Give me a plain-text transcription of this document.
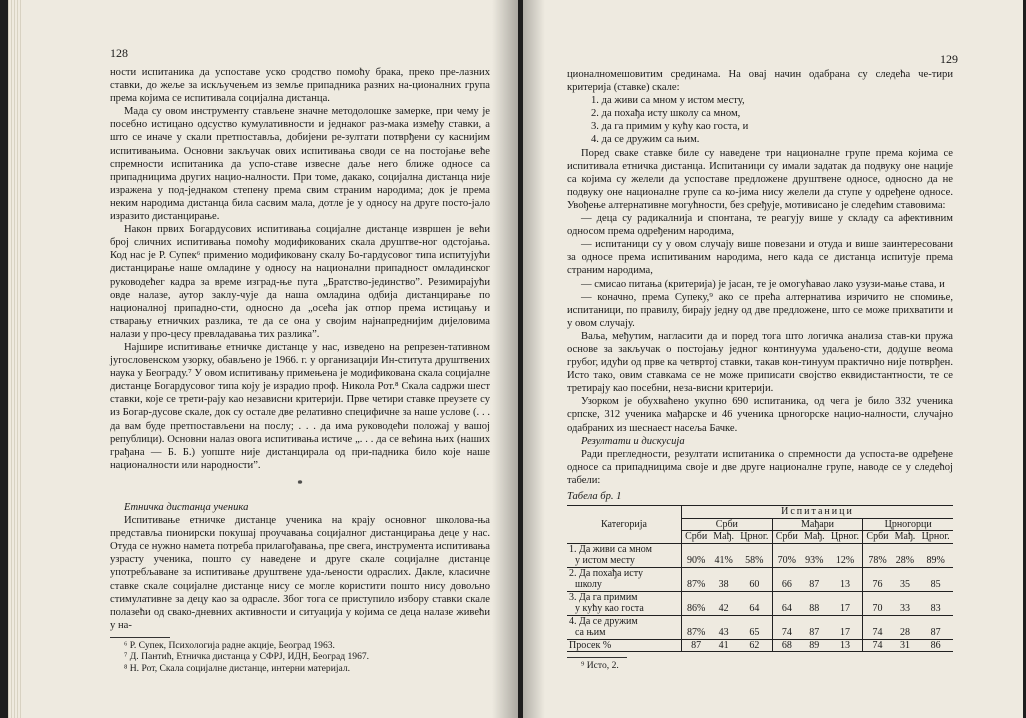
128

ности испитаника да успоставе уско сродство помоћу брака, преко пре-лазних ставки, до жеље за искључењем из земље припадника разних на-ционалних група према којима се испитивала социјална дистанца.

Мада су овом инструменту стављене значне методолошке замерке, при чему је посебно истицано одсуство кумулативности и једнаког раз-мака између ставки, а што се иначе у скали претпоставља, добијени ре-зултати потврђени су каснијим испитивањима. Основни закључак ових испитивања своди се на постојање веће спремности испитаника да успо-ставе извесне даље него ближе односе са припадницима других нацио-налности. При томе, дакако, социјална дистанца није изражена у под-једнаком степену према свим страним народима; док је према неким народима дистанца била сасвим мала, дотле је у односу на друге посто-јало изразито дистанцирање.

Након првих Богардусових испитивања социјалне дистанце извршен је већи број сличних испитивања помоћу модификованих скала друштве-ног одстојања. Код нас је Р. Супек⁶ применио модификовану скалу Бо-гардусовог типа испитујући дистанцирање наше омладине у односу на национални припадност омладинског руководећег кадра за време изград-ње пута „Братство-јединство”. Резимирајући овде налазе, аутор заклу-чује да наша омладина одбија дистанцирање по националној припадно-сти, односно да „осећа јак отпор према истицању и стварању етничких разлика, те да се она у својим најнапреднијим дијеловима налази у про-цесу превладавања тих разлика”.

Најшире испитивање етничке дистанце у нас, изведено на репрезен-тативном југословенском узорку, обављено је 1966. г. у организацији Ин-ститута друштвених наука у Београду.⁷ У овом испитивању примењена је модификована скала социјалне дистанце Богардусовог типа коју је израдио проф. Никола Рот.⁸ Скала садржи шест ставки, које се трети-рају као независни критерији. Прве четири ставке преузете су из Богар-дусове скале, док су остале две релативно специфичне за наше услове (. . . да вам буде претпостављени на послу; . . . да има руководећи положај у вашој републици). Основни налаз овога испитивања истиче „. . . да се већина њих (наших грађана — Б. Б.) уопште није дистанцирала од при-падника било које наше националности или народности”.

*

Етничка дистанца ученика

Испитивање етничке дистанце ученика на крају основног школова-ња представља пионирски покушај проучавања социјалног дистанцирања деце у нас. Отуда се нужно намета потреба прилагођавања, пре свега, инструмента испитивања узрасту ученика, пошто су наведене и друге скале социјалне дистанце употребљаване за испитивање друштвене уда-љености одраслих. Дакле, класичне ставке скале социјалне дистанце нису се могле користити пошто нису довољно стимулативне за децу као за одрасле. Због тога се приступило избору ставки скале полазећи од свако-дневних активности и ситуација у којима се деца налазе живећи у на-

⁶ Р. Супек, Психологија радне акције, Београд 1963.

⁷ Д. Пантић, Етничка дистанца у СФРЈ, ИДН, Београд 1967.

⁸ Н. Рот, Скала социјалне дистанце, интерни материјал.

129

ционалномешовитим срединама. На овај начин одабрана су следећа че-тири критерија (ставке) скале:

1. да живи са мном у истом месту,
2. да похађа исту школу са мном,
3. да га примим у кућу као госта, и
4. да се дружим са њим.

Поред сваке ставке биле су наведене три националне групе према којима се испитивала етничка дистанца. Испитаници су имали задатак да подвуку оне нације са којима су желели да успоставе предложене друштвене односе, односно да не подвуку оне националне групе са ко-јима нису желели да ступе у одређене односе. Увођење алтернативне могућности, без сређује, мотивисано је следећим ставовима:

— деца су радикалнија и спонтана, те реагују више у складу са афективним односом према одређеним народима,

— испитаници су у овом случају више повезани и отуда и више заинтересовани за односе према испитиваним народима, него када се дистанца испитује према страним народима,

— смисао питања (критерија) је јасан, те је омогућавао лако узузи-мање става, и

— коначно, према Супеку,⁹ ако се прећа алтернатива изричито не спомиње, испитаници, по правилу, бирају једну од две предложене, што се може прихватити и у овом случају.

Ваља, међутим, нагласити да и поред тога што логичка анализа став-ки пружа основе за закључак о постојању једног континуума удаљено-сти, додуше веома грубог, идући од прве ка четвртој ставки, такав кон-тинуум практично није потврђен. Исто тако, овим ставкама се не може приписати својство еквидистантности, те се третирају као посебни, неза-висни критерији.

Узорком је обухваћено укупно 690 испитаника, од чега је било 332 ученика српске, 312 ученика мађарске и 46 ученика црногорске нацио-налности, случајно одабраних из шеснаест насеља Бачке.

Резултати и дискусија

Ради прегледности, резултати испитаника о спремности да успоста-ве одређене односе са припадницима своје и две друге националне групе, наводе се у следећој табели:

Табела бр. 1
Категорија	Испитаници								
	Срби			Мађари			Црногорци		
	Срби	Мађ.	Црног.	Срби	Мађ.	Црног.	Срби	Мађ.	Црног.
1. Да живи са мном	90%	41%	58%	70%	93%	12%	78%	28%	89%
у истом месту									
2. Да похађа исту	87%	38	60	66	87	13	76	35	85
школу									
3. Да га примим	86%	42	64	64	88	17	70	33	83
у кућу као госта									
4. Да се дружим	87%	43	65	74	87	17	74	28	87
са њим									
Просек %	87	41	62	68	89	13	74	31	86

⁹ Исто, 2.
